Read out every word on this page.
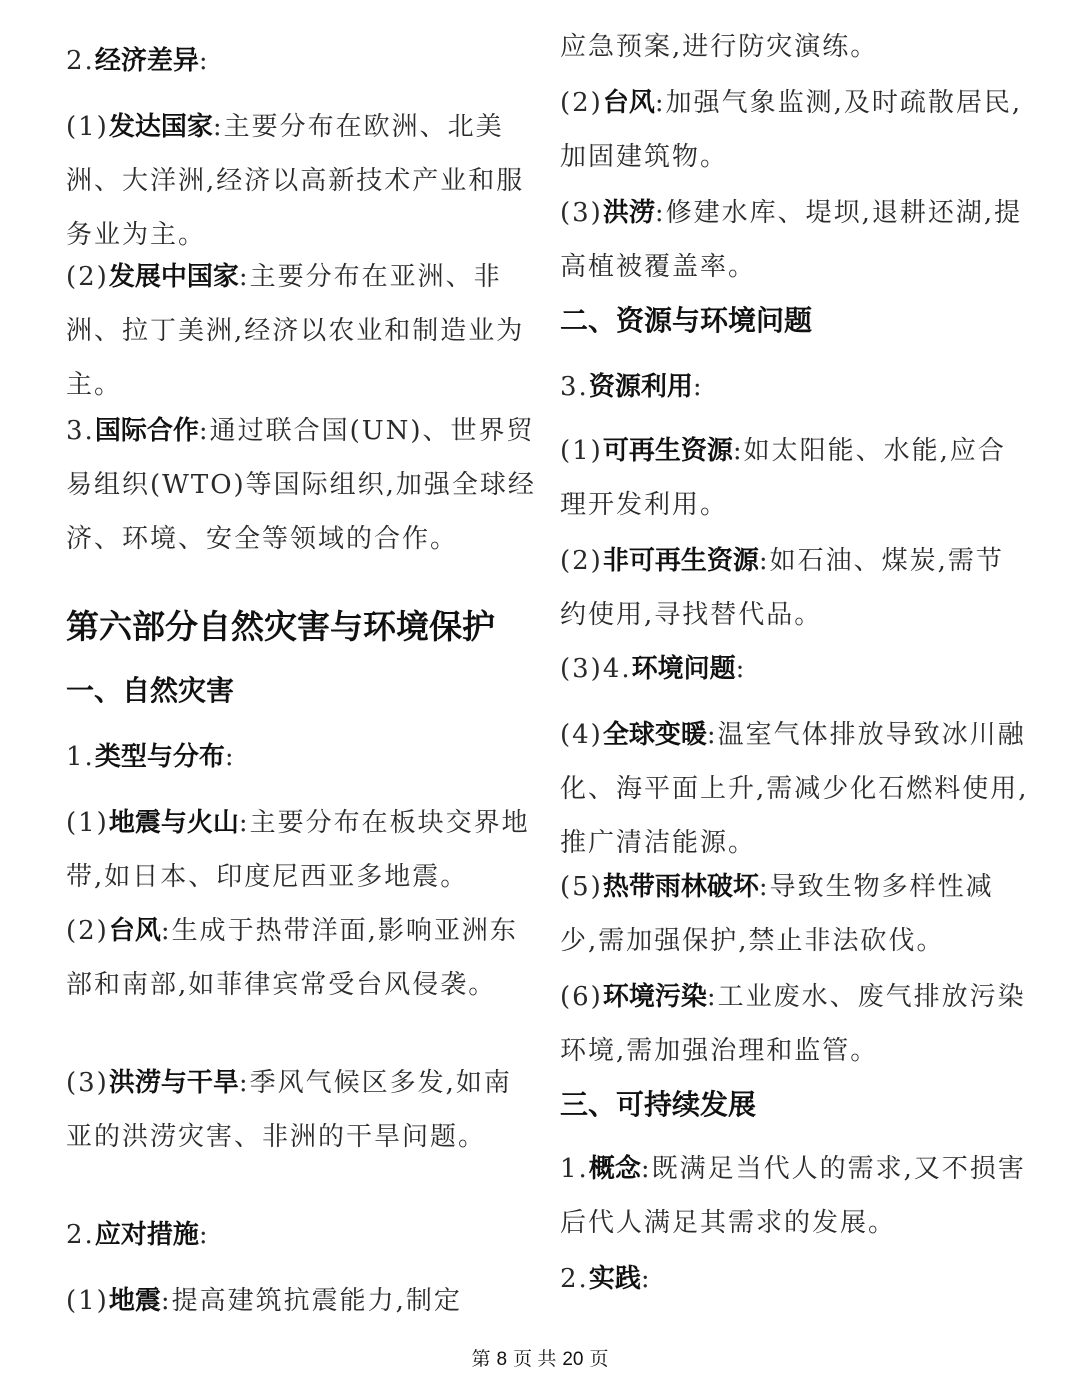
2.经济差异:
(1)发达国家:主要分布在欧洲、北美洲、大洋洲,经济以高新技术产业和服务业为主。
(2)发展中国家:主要分布在亚洲、非洲、拉丁美洲,经济以农业和制造业为主。
3.国际合作:通过联合国(UN)、世界贸易组织(WTO)等国际组织,加强全球经济、环境、安全等领域的合作。
第六部分自然灾害与环境保护
一、自然灾害
1.类型与分布:
(1)地震与火山:主要分布在板块交界地带,如日本、印度尼西亚多地震。
(2)台风:生成于热带洋面,影响亚洲东部和南部,如菲律宾常受台风侵袭。
(3)洪涝与干旱:季风气候区多发,如南亚的洪涝灾害、非洲的干旱问题。
2.应对措施:
(1)地震:提高建筑抗震能力,制定
应急预案,进行防灾演练。
(2)台风:加强气象监测,及时疏散居民,加固建筑物。
(3)洪涝:修建水库、堤坝,退耕还湖,提高植被覆盖率。
二、资源与环境问题
3.资源利用:
(1)可再生资源:如太阳能、水能,应合理开发利用。
(2)非可再生资源:如石油、煤炭,需节约使用,寻找替代品。
(3)4.环境问题:
(4)全球变暖:温室气体排放导致冰川融化、海平面上升,需减少化石燃料使用,推广清洁能源。
(5)热带雨林破坏:导致生物多样性减少,需加强保护,禁止非法砍伐。
(6)环境污染:工业废水、废气排放污染环境,需加强治理和监管。
三、可持续发展
1.概念:既满足当代人的需求,又不损害后代人满足其需求的发展。
2.实践:
第 8 页 共 20 页
